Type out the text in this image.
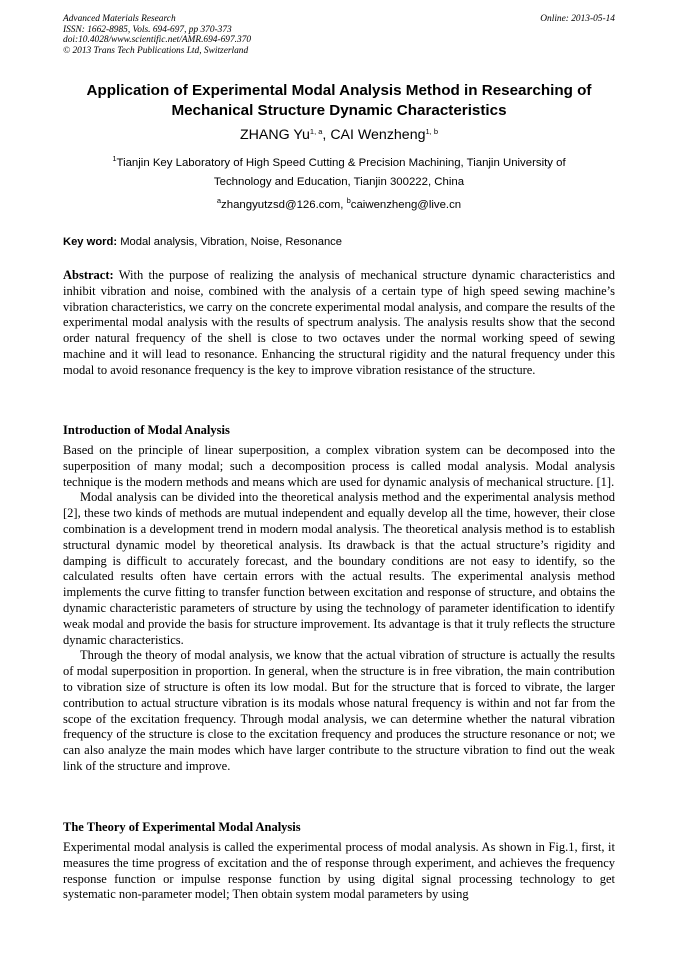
Advanced Materials Research
ISSN: 1662-8985, Vols. 694-697, pp 370-373
doi:10.4028/www.scientific.net/AMR.694-697.370
© 2013 Trans Tech Publications Ltd, Switzerland
Online: 2013-05-14
Application of Experimental Modal Analysis Method in Researching of
Mechanical Structure Dynamic Characteristics
ZHANG Yu$^{1, a}$, CAI Wenzheng$^{1, b}$
$^1$Tianjin Key Laboratory of High Speed Cutting & Precision Machining, Tianjin University of
Technology and Education, Tianjin 300222, China
$^a$zhangyutzsd@126.com, $^b$caiwenzheng@live.cn
Key word: Modal analysis, Vibration, Noise, Resonance
Abstract: With the purpose of realizing the analysis of mechanical structure dynamic characteristics and inhibit vibration and noise, combined with the analysis of a certain type of high speed sewing machine’s vibration characteristics, we carry on the concrete experimental modal analysis, and compare the results of the experimental modal analysis with the results of spectrum analysis. The analysis results show that the second order natural frequency of the shell is close to two octaves under the normal working speed of sewing machine and it will lead to resonance. Enhancing the structural rigidity and the natural frequency under this modal to avoid resonance frequency is the key to improve vibration resistance of the structure.
Introduction of Modal Analysis

Based on the principle of linear superposition, a complex vibration system can be decomposed into the superposition of many modal; such a decomposition process is called modal analysis. Modal analysis technique is the modern methods and means which are used for dynamic analysis of mechanical structure. [1].

Modal analysis can be divided into the theoretical analysis method and the experimental analysis method [2], these two kinds of methods are mutual independent and equally develop all the time, however, their close combination is a development trend in modern modal analysis. The theoretical analysis method is to establish structural dynamic model by theoretical analysis. Its drawback is that the actual structure’s rigidity and damping is difficult to accurately forecast, and the boundary conditions are not easy to identify, so the calculated results often have certain errors with the actual results. The experimental analysis method implements the curve fitting to transfer function between excitation and response of structure, and obtains the dynamic characteristic parameters of structure by using the technology of parameter identification to identify weak modal and provide the basis for structure improvement. Its advantage is that it truly reflects the structure dynamic characteristics.

Through the theory of modal analysis, we know that the actual vibration of structure is actually the results of modal superposition in proportion. In general, when the structure is in free vibration, the main contribution to vibration size of structure is often its low modal. But for the structure that is forced to vibrate, the larger contribution to actual structure vibration is its modals whose natural frequency is within and not far from the scope of the excitation frequency. Through modal analysis, we can determine whether the natural vibration frequency of the structure is close to the excitation frequency and produces the structure resonance or not; we can also analyze the main modes which have larger contribute to the structure vibration to find out the weak link of the structure and improve.

The Theory of Experimental Modal Analysis

Experimental modal analysis is called the experimental process of modal analysis. As shown in Fig.1, first, it measures the time progress of excitation and the of response through experiment, and achieves the frequency response function or impulse response function by using digital signal processing technology to get systematic non-parameter model; Then obtain system modal parameters by using
